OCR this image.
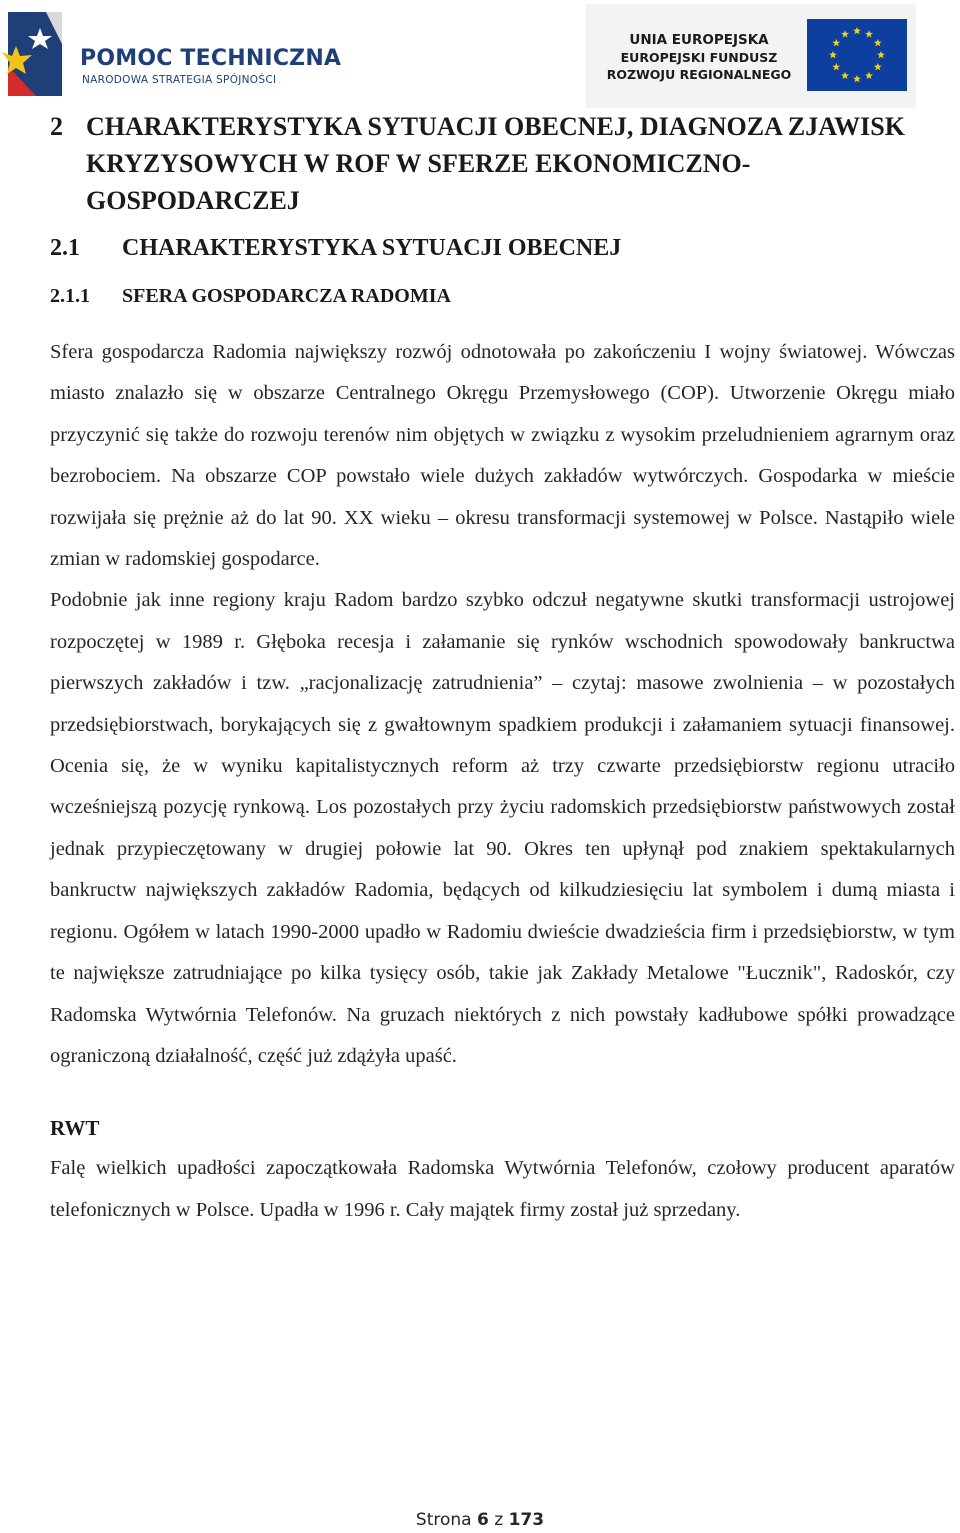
POMOC TECHNICZNA
NARODOWA STRATEGIA SPÓJNOŚCI
UNIA EUROPEJSKA
EUROPEJSKI FUNDUSZ
ROZWOJU REGIONALNEGO
2 CHARAKTERYSTYKA SYTUACJI OBECNEJ, DIAGNOZA ZJAWISK KRYZYSOWYCH W ROF W SFERZE EKONOMICZNO-GOSPODARCZEJ
2.1 CHARAKTERYSTYKA SYTUACJI OBECNEJ
2.1.1 SFERA GOSPODARCZA RADOMIA

Sfera gospodarcza Radomia największy rozwój odnotowała po zakończeniu I wojny światowej. Wówczas miasto znalazło się w obszarze Centralnego Okręgu Przemysłowego (COP). Utworzenie Okręgu miało przyczynić się także do rozwoju terenów nim objętych w związku z wysokim przeludnieniem agrarnym oraz bezrobociem. Na obszarze COP powstało wiele dużych zakładów wytwórczych. Gospodarka w mieście rozwijała się prężnie aż do lat 90. XX wieku – okresu transformacji systemowej w Polsce. Nastąpiło wiele zmian w radomskiej gospodarce.

Podobnie jak inne regiony kraju Radom bardzo szybko odczuł negatywne skutki transformacji ustrojowej rozpoczętej w 1989 r. Głęboka recesja i załamanie się rynków wschodnich spowodowały bankructwa pierwszych zakładów i tzw. „racjonalizację zatrudnienia” – czytaj: masowe zwolnienia – w pozostałych przedsiębiorstwach, borykających się z gwałtownym spadkiem produkcji i załamaniem sytuacji finansowej. Ocenia się, że w wyniku kapitalistycznych reform aż trzy czwarte przedsiębiorstw regionu utraciło wcześniejszą pozycję rynkową. Los pozostałych przy życiu radomskich przedsiębiorstw państwowych został jednak przypieczętowany w drugiej połowie lat 90. Okres ten upłynął pod znakiem spektakularnych bankructw największych zakładów Radomia, będących od kilkudziesięciu lat symbolem i dumą miasta i regionu. Ogółem w latach 1990-2000 upadło w Radomiu dwieście dwadzieścia firm i przedsiębiorstw, w tym te największe zatrudniające po kilka tysięcy osób, takie jak Zakłady Metalowe "Łucznik", Radoskór, czy Radomska Wytwórnia Telefonów. Na gruzach niektórych z nich powstały kadłubowe spółki prowadzące ograniczoną działalność, część już zdążyła upaść.

RWT

Falę wielkich upadłości zapoczątkowała Radomska Wytwórnia Telefonów, czołowy producent aparatów telefonicznych w Polsce. Upadła w 1996 r. Cały majątek firmy został już sprzedany.

Strona 6 z 173
